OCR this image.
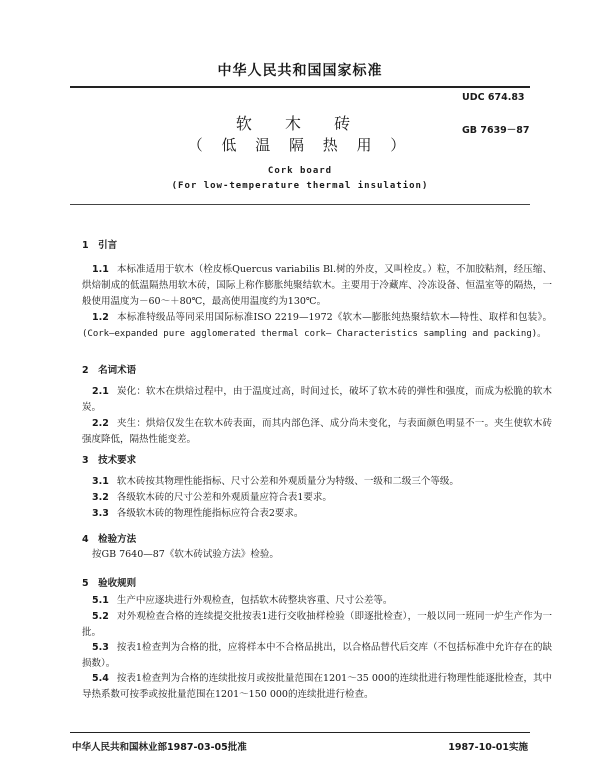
中华人民共和国国家标准
UDC 674.83
软 木 砖	GB 7639－87
（ 低 温 隔 热 用 ）
Cork board
(For low-temperature thermal insulation)
1　引言
1.1 本标准适用于软木（栓皮栎Quercus variabilis Bl.树的外皮，又叫栓皮。）粒，不加胶粘剂，经压缩、烘焙制成的低温隔热用软木砖，国际上称作膨胀纯聚结软木。主要用于冷藏库、冷冻设备、恒温室等的隔热，一般使用温度为－60～＋80℃，最高使用温度约为130℃。
1.2 本标准特级品等同采用国际标准ISO 2219—1972《软木—膨胀纯热聚结软木—特性、取样和包装》。(Cork—expanded pure agglomerated thermal cork— Characteristics sampling and packing)。
2　名词术语
2.1 炭化：软木在烘焙过程中，由于温度过高，时间过长，破坏了软木砖的弹性和强度，而成为松脆的软木炭。
2.2 夹生：烘焙仅发生在软木砖表面，而其内部色泽、成分尚未变化，与表面颜色明显不一。夹生使软木砖强度降低，隔热性能变差。
3　技术要求
3.1 软木砖按其物理性能指标、尺寸公差和外观质量分为特级、一级和二级三个等级。
3.2 各级软木砖的尺寸公差和外观质量应符合表1要求。
3.3 各级软木砖的物理性能指标应符合表2要求。
4　检验方法
按GB 7640—87《软木砖试验方法》检验。
5　验收规则
5.1 生产中应逐块进行外观检查，包括软木砖整块容重、尺寸公差等。
5.2 对外观检查合格的连续提交批按表1进行交收抽样检验（即逐批检查），一般以同一班同一炉生产作为一批。
5.3 按表1检查判为合格的批，应将样本中不合格品挑出，以合格品替代后交库（不包括标准中允许存在的缺损数）。
5.4 按表1检查判为合格的连续批按月或按批量范围在1201～35 000的连续批进行物理性能逐批检查，其中导热系数可按季或按批量范围在1201～150 000的连续批进行检查。
中华人民共和国林业部1987-03-05批准	1987-10-01实施
